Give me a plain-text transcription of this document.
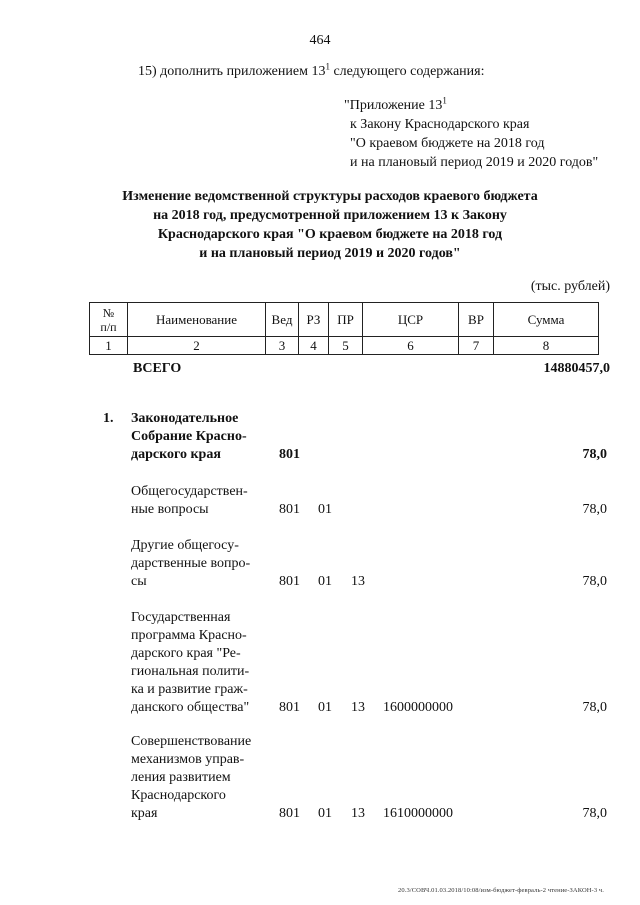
464
15) дополнить приложением $13^1$ следующего содержания:
"Приложение $13^1$
к Закону Краснодарского края
"О краевом бюджете на 2018 год
и на плановый период 2019 и 2020 годов"
Изменение ведомственной структуры расходов краевого бюджета
на 2018 год, предусмотренной приложением 13 к Закону
Краснодарского края "О краевом бюджете на 2018 год
и на плановый период 2019 и 2020 годов"
(тыс. рублей)
№
п/п	Наименование	Вед	РЗ	ПР	ЦСР	ВР	Сумма
1	2	3	4	5	6	7	8
ВСЕГО	14880457,0
1. Законодательное
Собрание Красно-
дарского края	801	78,0
Общегосударствен-
ные вопросы	801 01	78,0
Другие общегосу-
дарственные вопро-
сы	801 01 13	78,0
Государственная
программа Красно-
дарского края "Ре-
гиональная полити-
ка и развитие граж-
данского общества"	801 01 13 1600000000	78,0
Совершенствование
механизмов управ-
ления развитием
Краснодарского
края	801 01 13 1610000000	78,0
20.3/СОВЧ.01.03.2018/10:08/изм-бюджет-февраль-2 чтение-ЗАКОН-3 ч.
